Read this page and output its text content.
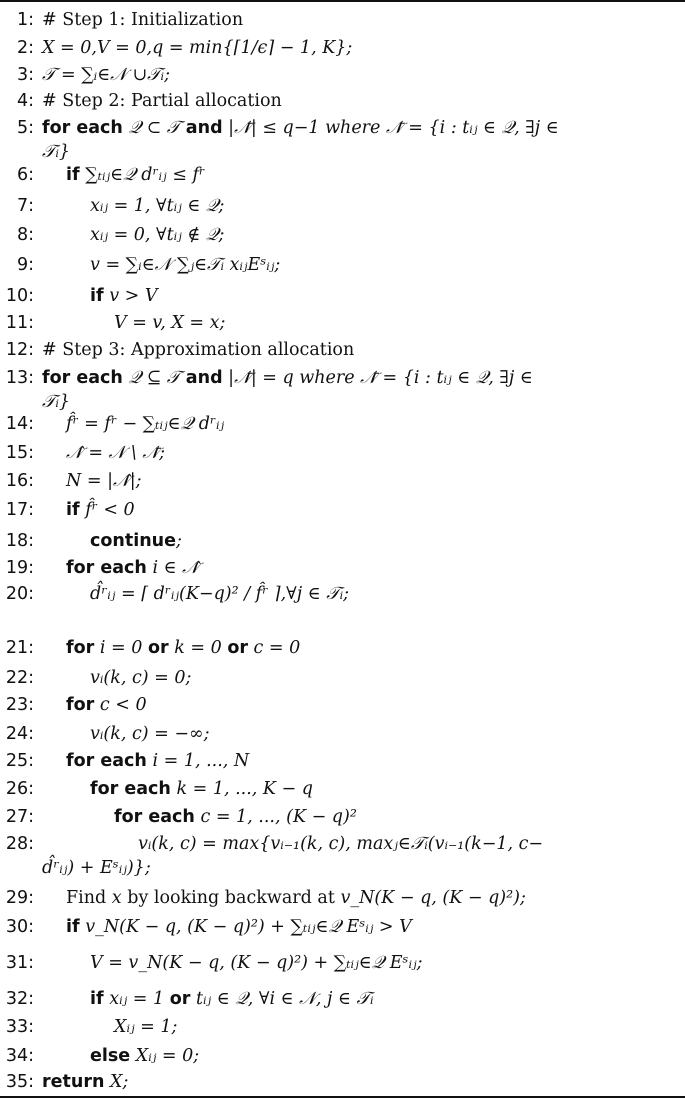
1: # Step 1: Initialization
2: X = 0,V = 0,q = min{⌈1/ϵ⌉ − 1, K};
3: 𝒯 = ∑ᵢ∈𝒩 ∪𝒯ᵢ;
4: # Step 2: Partial allocation
5: for each 𝒬 ⊂ 𝒯 and |𝒩̄| ≤ q−1 where 𝒩̄ = {i : tᵢⱼ ∈ 𝒬, ∃j ∈
𝒯ᵢ}
6: if ∑ₜᵢⱼ∈𝒬 dʳᵢⱼ ≤ fʳ
7:	xᵢⱼ = 1, ∀tᵢⱼ ∈ 𝒬;
8:	xᵢⱼ = 0, ∀tᵢⱼ ∉ 𝒬;
9:	v = ∑ᵢ∈𝒩 ∑ⱼ∈𝒯ᵢ xᵢⱼEˢᵢⱼ;
10:	if v > V
11:	V = v, X = x;
12: # Step 3: Approximation allocation
13: for each 𝒬 ⊆ 𝒯 and |𝒩̄| = q where 𝒩̄ = {i : tᵢⱼ ∈ 𝒬, ∃j ∈
𝒯ᵢ}
14: f̂ʳ = fʳ − ∑ₜᵢⱼ∈𝒬 dʳᵢⱼ
15: 𝒩̂ = 𝒩 \ 𝒩̄;
16: N = |𝒩̂|;
17: if f̂ʳ < 0
18:	continue;
19: for each i ∈ 𝒩̂
20:	d̂ʳᵢⱼ = ⌈ dʳᵢⱼ(K−q)² / f̂ʳ ⌉,∀j ∈ 𝒯ᵢ;
21: for i = 0 or k = 0 or c = 0
22:	vᵢ(k, c) = 0;
23: for c < 0
24:	vᵢ(k, c) = −∞;
25: for each i = 1, ..., N
26:	for each k = 1, ..., K − q
27:	for each c = 1, ..., (K − q)²
28:	vᵢ(k, c) = max{vᵢ₋₁(k, c), maxⱼ∈𝒯ᵢ(vᵢ₋₁(k−1, c−
d̂ʳᵢⱼ) + Eˢᵢⱼ)};
29: Find x by looking backward at v_N(K − q, (K − q)²);
30: if v_N(K − q, (K − q)²) + ∑ₜᵢⱼ∈𝒬 Eˢᵢⱼ > V
31:	V = v_N(K − q, (K − q)²) + ∑ₜᵢⱼ∈𝒬 Eˢᵢⱼ;
32:	if xᵢⱼ = 1 or tᵢⱼ ∈ 𝒬, ∀i ∈ 𝒩, j ∈ 𝒯ᵢ
33:	Xᵢⱼ = 1;
34:	else Xᵢⱼ = 0;
35: return X;
